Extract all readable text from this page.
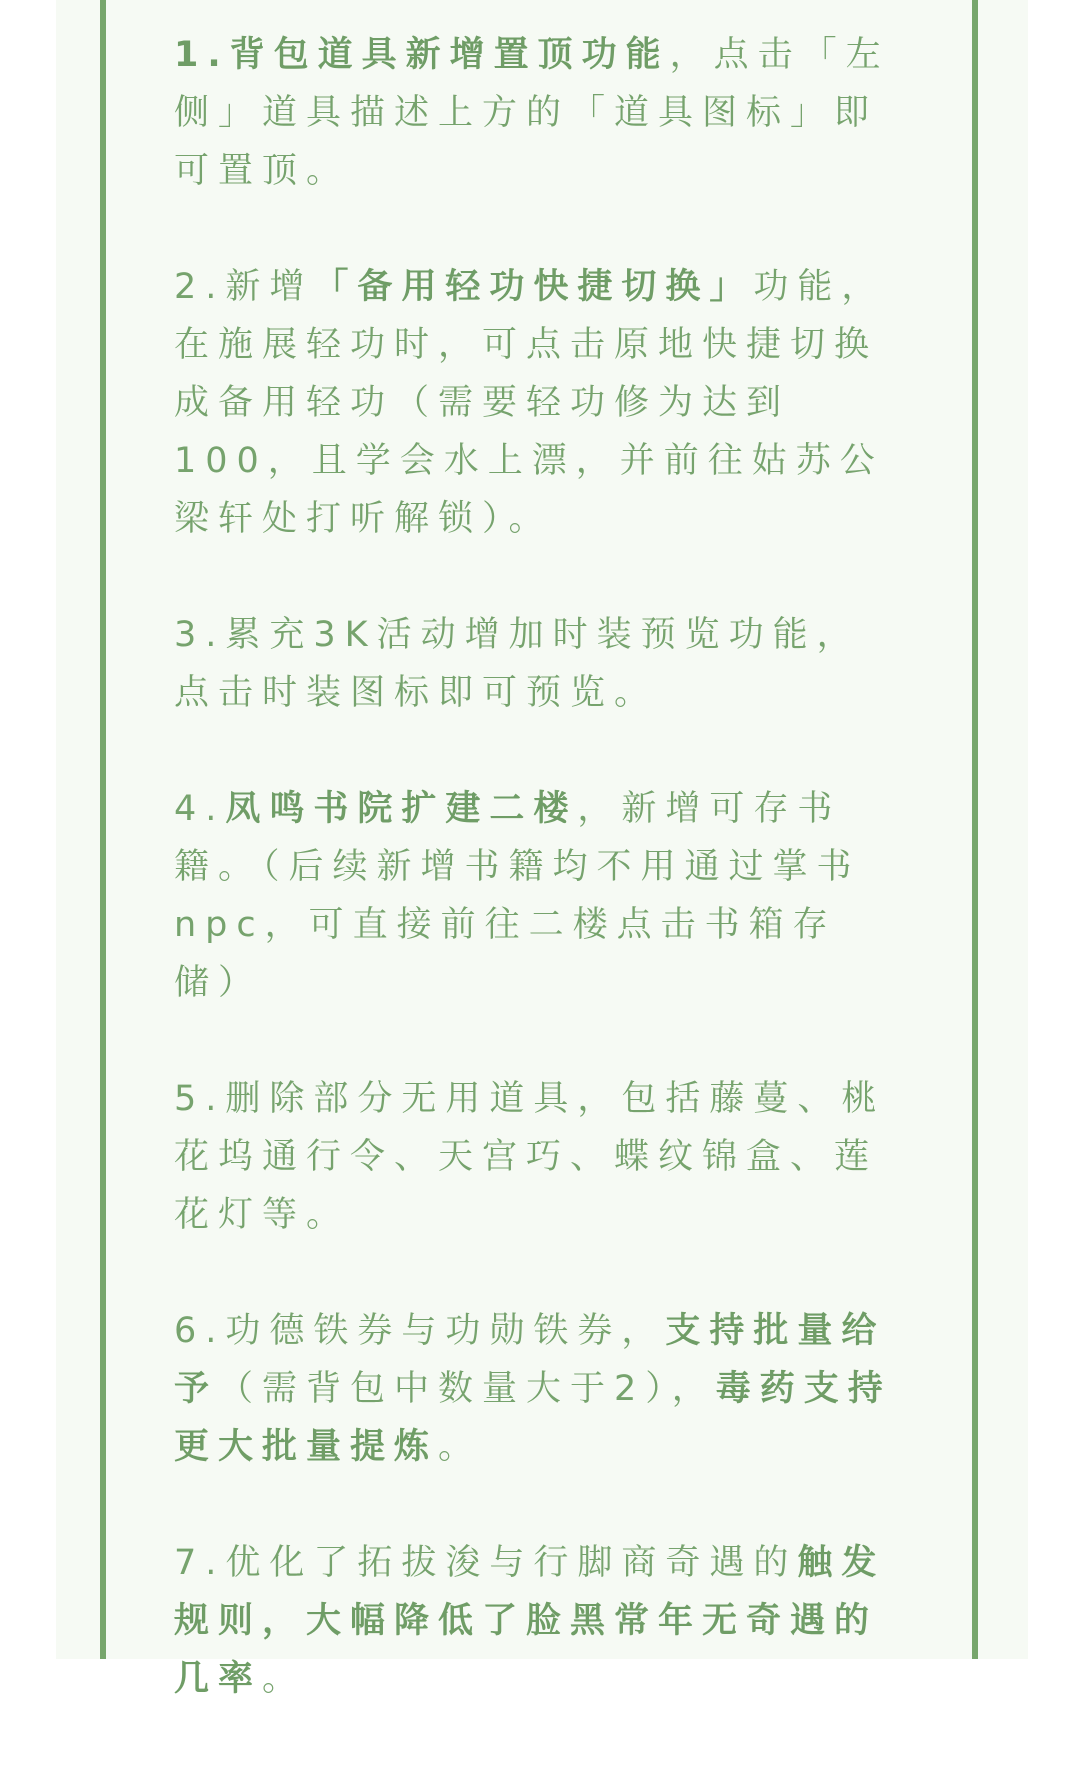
1.背包道具新增置顶功能，点击「左侧」道具描述上方的「道具图标」即可置顶。

2.新增「备用轻功快捷切换」功能，在施展轻功时，可点击原地快捷切换成备用轻功（需要轻功修为达到100，且学会水上漂，并前往姑苏公梁轩处打听解锁）。

3.累充3K活动增加时装预览功能，点击时装图标即可预览。

4.凤鸣书院扩建二楼，新增可存书籍。（后续新增书籍均不用通过掌书npc，可直接前往二楼点击书箱存储）

5.删除部分无用道具，包括藤蔓、桃花坞通行令、天宫巧、蝶纹锦盒、莲花灯等。

6.功德铁券与功勋铁券，支持批量给予（需背包中数量大于2），毒药支持更大批量提炼。

7.优化了拓拔浚与行脚商奇遇的触发规则，大幅降低了脸黑常年无奇遇的几率。
